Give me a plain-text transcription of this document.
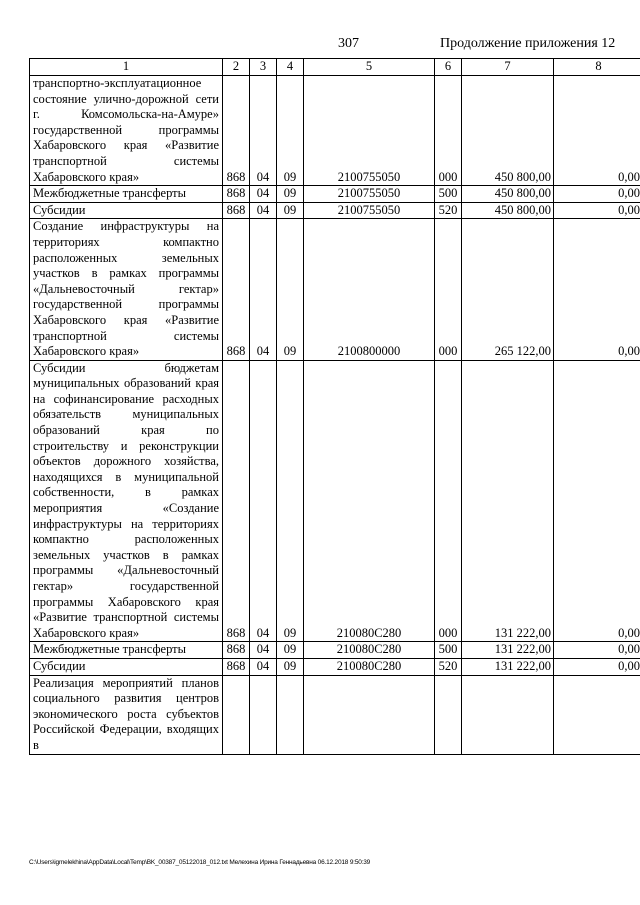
307	Продолжение приложения 12
1	2	3	4	5	6	7	8
транспортно-эксплуатационное состояние улично-дорожной сети г. Комсомольска-на-Амуре» государственной программы Хабаровского края «Развитие транспортной системы Хабаровского края»	868	04	09	2100755050	000	450 800,00	0,00
Межбюджетные трансферты	868	04	09	2100755050	500	450 800,00	0,00
Субсидии	868	04	09	2100755050	520	450 800,00	0,00
Создание инфраструктуры на территориях компактно расположенных земельных участков в рамках программы «Дальневосточный гектар» государственной программы Хабаровского края «Развитие транспортной системы Хабаровского края»	868	04	09	2100800000	000	265 122,00	0,00
Субсидии бюджетам муниципальных образований края на софинансирование расходных обязательств муниципальных образований края по строительству и реконструкции объектов дорожного хозяйства, находящихся в муниципальной собственности, в рамках мероприятия «Создание инфраструктуры на территориях компактно расположенных земельных участков в рамках программы «Дальневосточный гектар» государственной программы Хабаровского края «Развитие транспортной системы Хабаровского края»	868	04	09	210080С280	000	131 222,00	0,00
Межбюджетные трансферты	868	04	09	210080С280	500	131 222,00	0,00
Субсидии	868	04	09	210080С280	520	131 222,00	0,00
Реализация мероприятий планов социального развития центров экономического роста субъектов Российской Федерации, входящих в							
C:\Users\igmelekhina\AppData\Local\Temp\BK_00387_05122018_012.txt Мелехина Ирина Геннадьевна 06.12.2018 9:50:39
